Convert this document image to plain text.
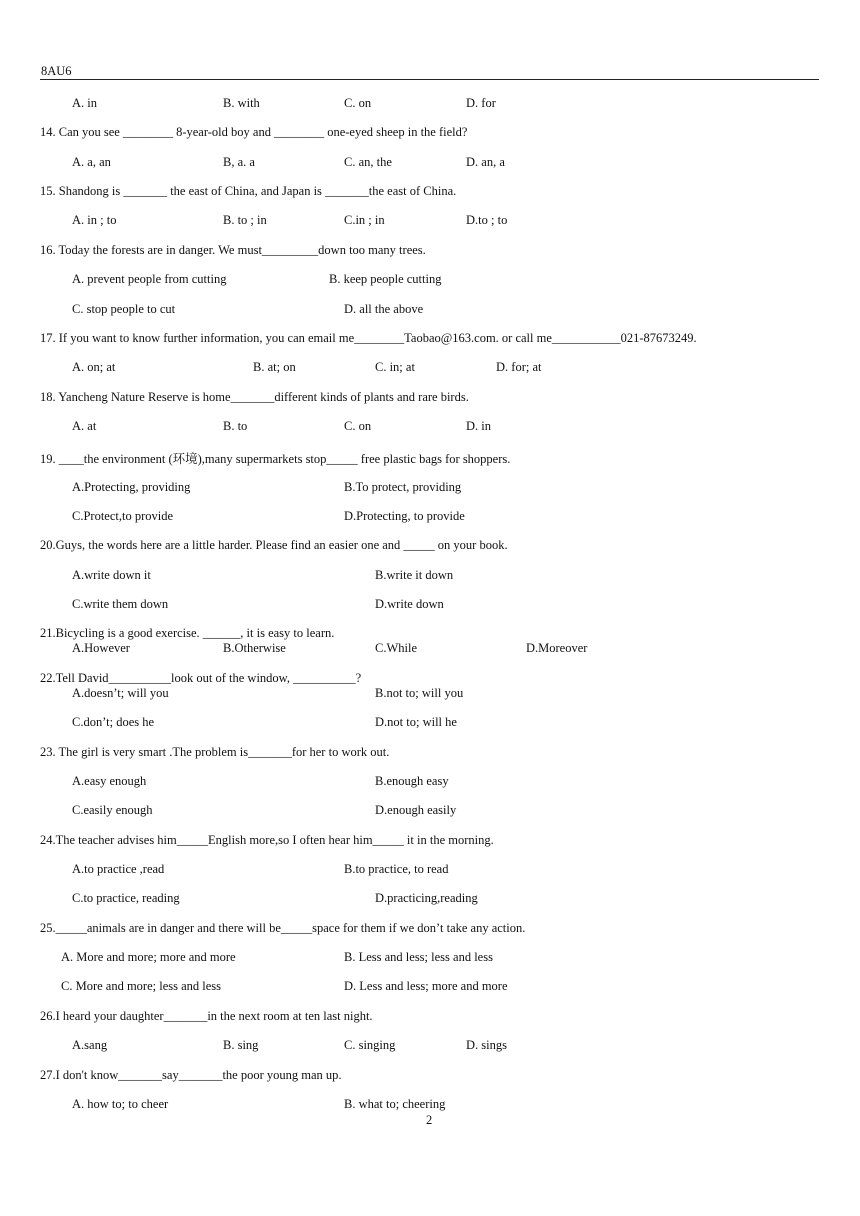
8AU6
A. in	B. with	C. on	D. for
14. Can you see ________ 8-year-old boy and ________ one-eyed sheep in the field?
A. a, an	B, a. a	C. an, the	D. an, a
15. Shandong is _______ the east of China, and Japan is _______the east of China.
A. in ; to	B. to ; in	C.in ; in	D.to ; to
16. Today the forests are in danger. We must_________down too many trees.
A. prevent people from cutting	B. keep people cutting
C. stop people to cut	D. all the above
17. If you want to know further information, you can email me________Taobao@163.com. or call me___________021-87673249.
A. on; at	B. at; on	C. in; at	D. for; at
18. Yancheng Nature Reserve is home_______different kinds of plants and rare birds.
A. at	B. to	C. on	D. in
19. ____the environment (环境),many supermarkets stop_____ free plastic bags for shoppers.
A.Protecting, providing	B.To protect, providing
C.Protect,to provide	D.Protecting, to provide
20.Guys, the words here are a little harder. Please find an easier one and _____ on your book.
A.write down it	B.write it down
C.write them down	D.write down
21.Bicycling is a good exercise. ______, it is easy to learn.
A.However	B.Otherwise	C.While	D.Moreover
22.Tell David__________look out of the window, __________?
A.doesn’t; will you	B.not to; will you
C.don’t; does he	D.not to; will he
23. The girl is very smart .The problem is_______for her to work out.
A.easy enough	B.enough easy
C.easily enough	D.enough easily
24.The teacher advises him_____English more,so I often hear him_____ it in the morning.
A.to practice ,read	B.to practice, to read
C.to practice, reading	D.practicing,reading
25._____animals are in danger and there will be_____space for them if we don’t take any action.
A. More and more; more and more	B. Less and less; less and less
C. More and more; less and less	D. Less and less; more and more
26.I heard your daughter_______in the next room at ten last night.
A.sang	B. sing	C. singing	D. sings
27.I don't know_______say_______the poor young man up.
A. how to; to cheer	B. what to; cheering
2
